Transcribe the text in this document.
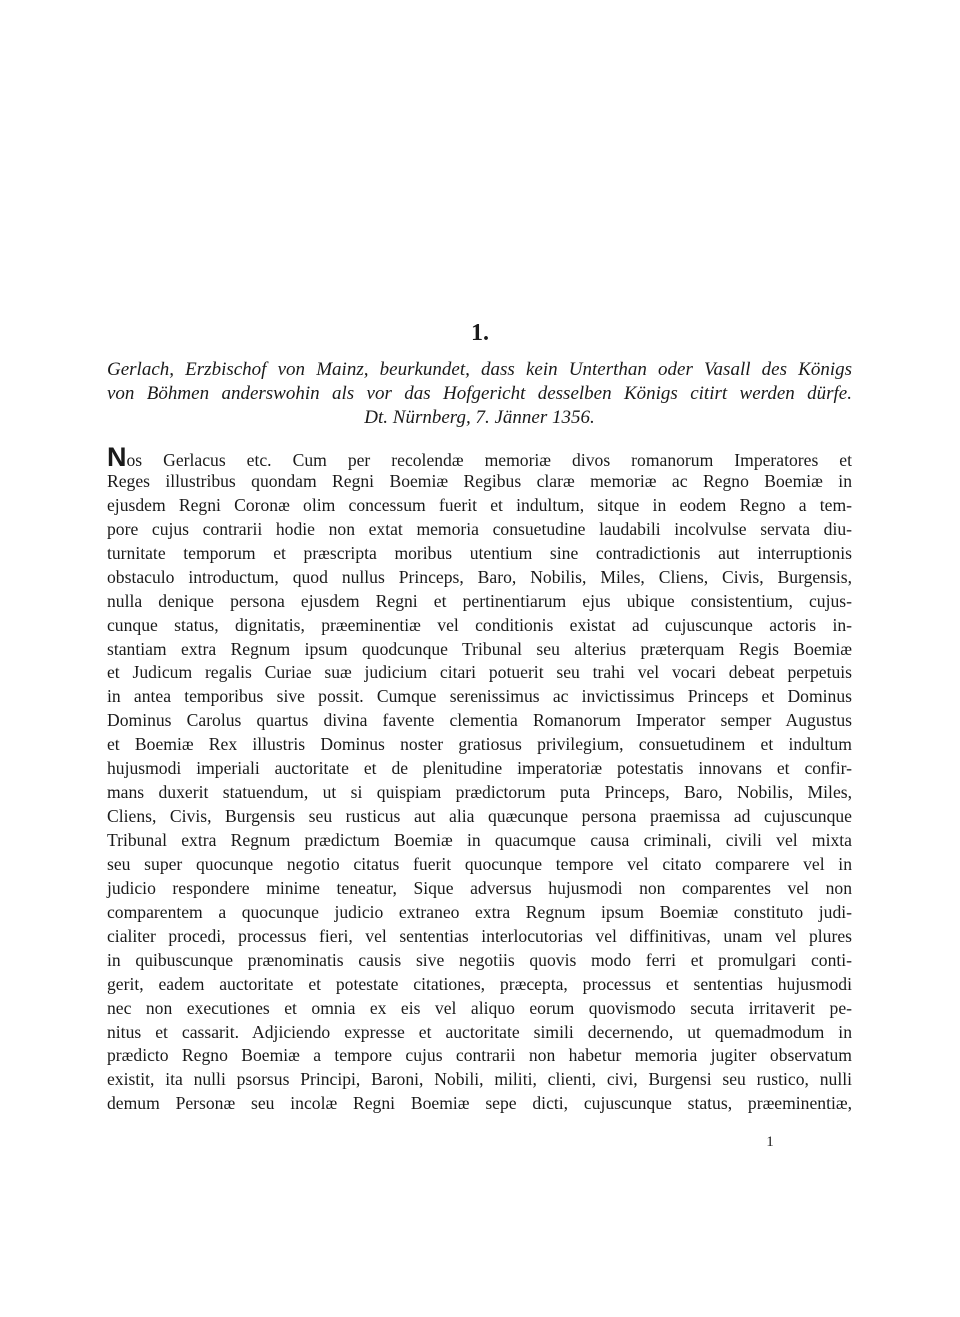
1.
Gerlach, Erzbischof von Mainz, beurkundet, dass kein Unterthan oder Vasall des Königs
von Böhmen anderswohin als vor das Hofgericht desselben Königs citirt werden dürfe.
Dt. Nürnberg, 7. Jänner 1356.
Nos Gerlacus etc. Cum per recolendæ memoriæ divos romanorum Imperatores et
Reges illustribus quondam Regni Boemiæ Regibus claræ memoriæ ac Regno Boemiæ in
ejusdem Regni Coronæ olim concessum fuerit et indultum, sitque in eodem Regno a tem-
pore cujus contrarii hodie non extat memoria consuetudine laudabili incolvulse servata diu-
turnitate temporum et præscripta moribus utentium sine contradictionis aut interruptionis
obstaculo introductum, quod nullus Princeps, Baro, Nobilis, Miles, Cliens, Civis, Burgensis,
nulla denique persona ejusdem Regni et pertinentiarum ejus ubique consistentium, cujus-
cunque status, dignitatis, præeminentiæ vel conditionis existat ad cujuscunque actoris in-
stantiam extra Regnum ipsum quodcunque Tribunal seu alterius præterquam Regis Boemiæ
et Judicum regalis Curiae suæ judicium citari potuerit seu trahi vel vocari debeat perpetuis
in antea temporibus sive possit. Cumque serenissimus ac invictissimus Princeps et Dominus
Dominus Carolus quartus divina favente clementia Romanorum Imperator semper Augustus
et Boemiæ Rex illustris Dominus noster gratiosus privilegium, consuetudinem et indultum
hujusmodi imperiali auctoritate et de plenitudine imperatoriæ potestatis innovans et confir-
mans duxerit statuendum, ut si quispiam prædictorum puta Princeps, Baro, Nobilis, Miles,
Cliens, Civis, Burgensis seu rusticus aut alia quæcunque persona praemissa ad cujuscunque
Tribunal extra Regnum prædictum Boemiæ in quacumque causa criminali, civili vel mixta
seu super quocunque negotio citatus fuerit quocunque tempore vel citato comparere vel in
judicio respondere minime teneatur, Sique adversus hujusmodi non comparentes vel non
comparentem a quocunque judicio extraneo extra Regnum ipsum Boemiæ constituto judi-
cialiter procedi, processus fieri, vel sententias interlocutorias vel diffinitivas, unam vel plures
in quibuscunque prænominatis causis sive negotiis quovis modo ferri et promulgari conti-
gerit, eadem auctoritate et potestate citationes, præcepta, processus et sententias hujusmodi
nec non executiones et omnia ex eis vel aliquo eorum quovismodo secuta irritaverit pe-
nitus et cassarit. Adjiciendo expresse et auctoritate simili decernendo, ut quemadmodum in
prædicto Regno Boemiæ a tempore cujus contrarii non habetur memoria jugiter observatum
existit, ita nulli psorsus Principi, Baroni, Nobili, militi, clienti, civi, Burgensi seu rustico, nulli
demum Personæ seu incolæ Regni Boemiæ sepe dicti, cujuscunque status, præeminentiæ,
1
